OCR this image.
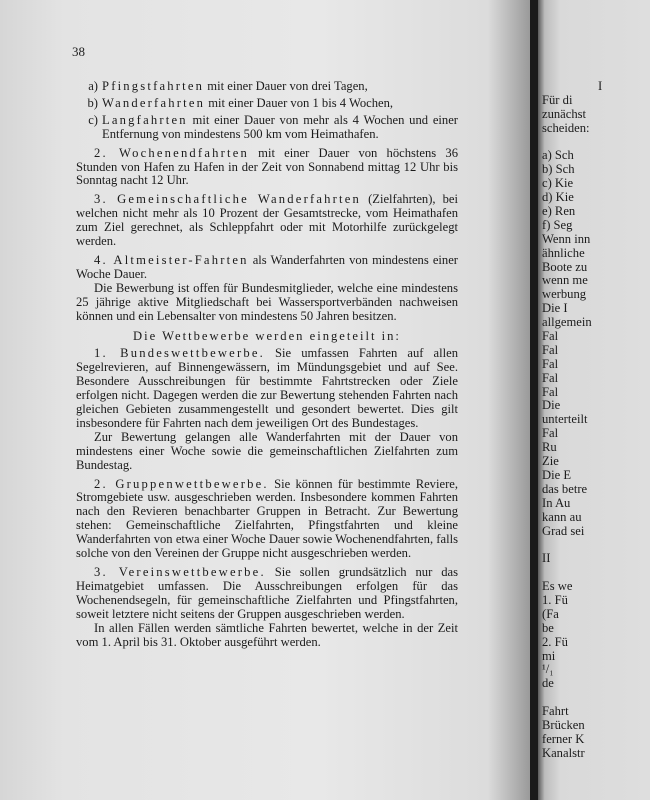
38
a) Pfingstfahrten mit einer Dauer von drei Tagen,
b) Wanderfahrten mit einer Dauer von 1 bis 4 Wochen,
c) Langfahrten mit einer Dauer von mehr als 4 Wochen und einer Entfernung von mindestens 500 km vom Heimathafen.

2. Wochenendfahrten mit einer Dauer von höchstens 36 Stunden von Hafen zu Hafen in der Zeit von Sonnabend mittag 12 Uhr bis Sonntag nacht 12 Uhr.

3. Gemeinschaftliche Wanderfahrten (Zielfahrten), bei welchen nicht mehr als 10 Prozent der Gesamtstrecke, vom Heimathafen zum Ziel gerechnet, als Schleppfahrt oder mit Motorhilfe zurückgelegt werden.

4. Altmeister-Fahrten als Wanderfahrten von mindestens einer Woche Dauer.

Die Bewerbung ist offen für Bundesmitglieder, welche eine mindestens 25 jährige aktive Mitgliedschaft bei Wassersportverbänden nachweisen können und ein Lebensalter von mindestens 50 Jahren besitzen.

Die Wettbewerbe werden eingeteilt in:

1. Bundeswettbewerbe. Sie umfassen Fahrten auf allen Segelrevieren, auf Binnengewässern, im Mündungsgebiet und auf See. Besondere Ausschreibungen für bestimmte Fahrtstrecken oder Ziele erfolgen nicht. Dagegen werden die zur Bewertung stehenden Fahrten nach gleichen Gebieten zusammengestellt und gesondert bewertet. Dies gilt insbesondere für Fahrten nach dem jeweiligen Ort des Bundestages.

Zur Bewertung gelangen alle Wanderfahrten mit der Dauer von mindestens einer Woche sowie die gemeinschaftlichen Zielfahrten zum Bundestag.

2. Gruppenwettbewerbe. Sie können für bestimmte Reviere, Stromgebiete usw. ausgeschrieben werden. Insbesondere kommen Fahrten nach den Revieren benachbarter Gruppen in Betracht. Zur Bewertung stehen: Gemeinschaftliche Zielfahrten, Pfingstfahrten und kleine Wanderfahrten von etwa einer Woche Dauer sowie Wochenendfahrten, falls solche von den Vereinen der Gruppe nicht ausgeschrieben werden.

3. Vereinswettbewerbe. Sie sollen grundsätzlich nur das Heimatgebiet umfassen. Die Ausschreibungen erfolgen für das Wochenendsegeln, für gemeinschaftliche Zielfahrten und Pfingstfahrten, soweit letztere nicht seitens der Gruppen ausgeschrieben werden.

In allen Fällen werden sämtliche Fahrten bewertet, welche in der Zeit vom 1. April bis 31. Oktober ausgeführt werden.

I
Für di
zunächst
scheiden:
a) Sch
b) Sch
c) Kie
d) Kie
e) Ren
f) Seg
Wenn inn
ähnliche
Boote zu
wenn me
werbung
Die I
allgemein
Fal
Fal
Fal
Fal
Fal
Die
unterteilt
Fal
Ru
Zie
Die E
das betre
In Au
kann au
Grad sei
II
Es we
1. Fü
(Fa
be
2. Fü
mi
¹/₁
de
Fahrt
Brücken
ferner K
Kanalstr
